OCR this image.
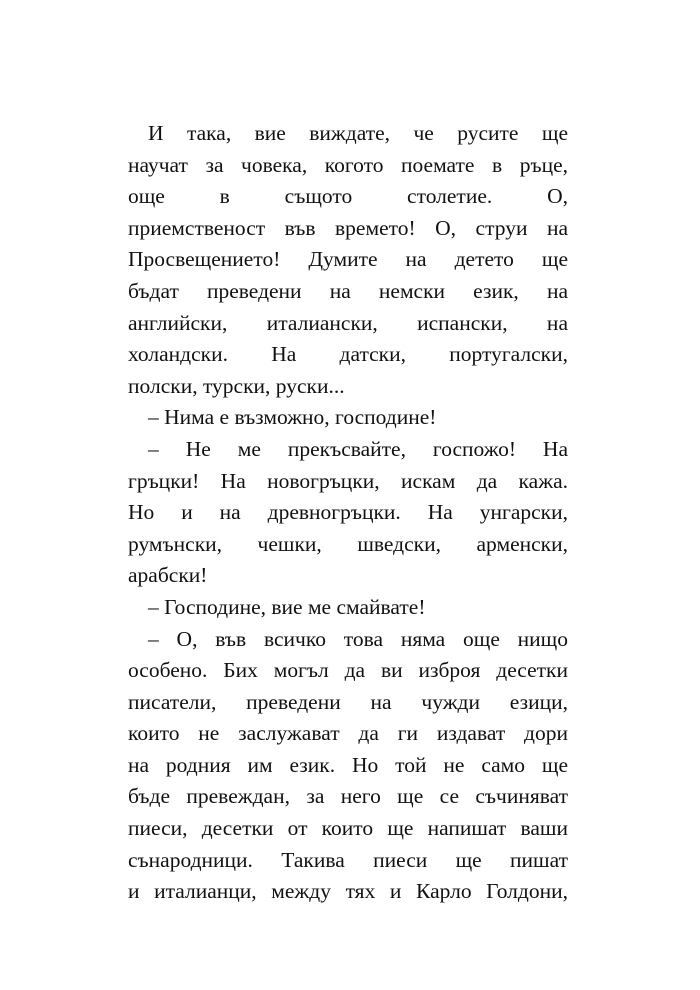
И така, вие виждате, че русите ще
научат за човека, когото поемате в ръце,
още в същото столетие. О,
приемственост във времето! О, струи на
Просвещението! Думите на детето ще
бъдат преведени на немски език, на
английски, италиански, испански, на
холандски. На датски, португалски,
полски, турски, руски...
– Нима е възможно, господине!
– Не ме прекъсвайте, госпожо! На
гръцки! На новогръцки, искам да кажа.
Но и на древногръцки. На унгарски,
румънски, чешки, шведски, арменски,
арабски!
– Господине, вие ме смайвате!
– О, във всичко това няма още нищо
особено. Бих могъл да ви изброя десетки
писатели, преведени на чужди езици,
които не заслужават да ги издават дори
на родния им език. Но той не само ще
бъде превеждан, за него ще се съчиняват
пиеси, десетки от които ще напишат ваши
сънародници. Такива пиеси ще пишат
и италианци, между тях и Карло Голдони,
